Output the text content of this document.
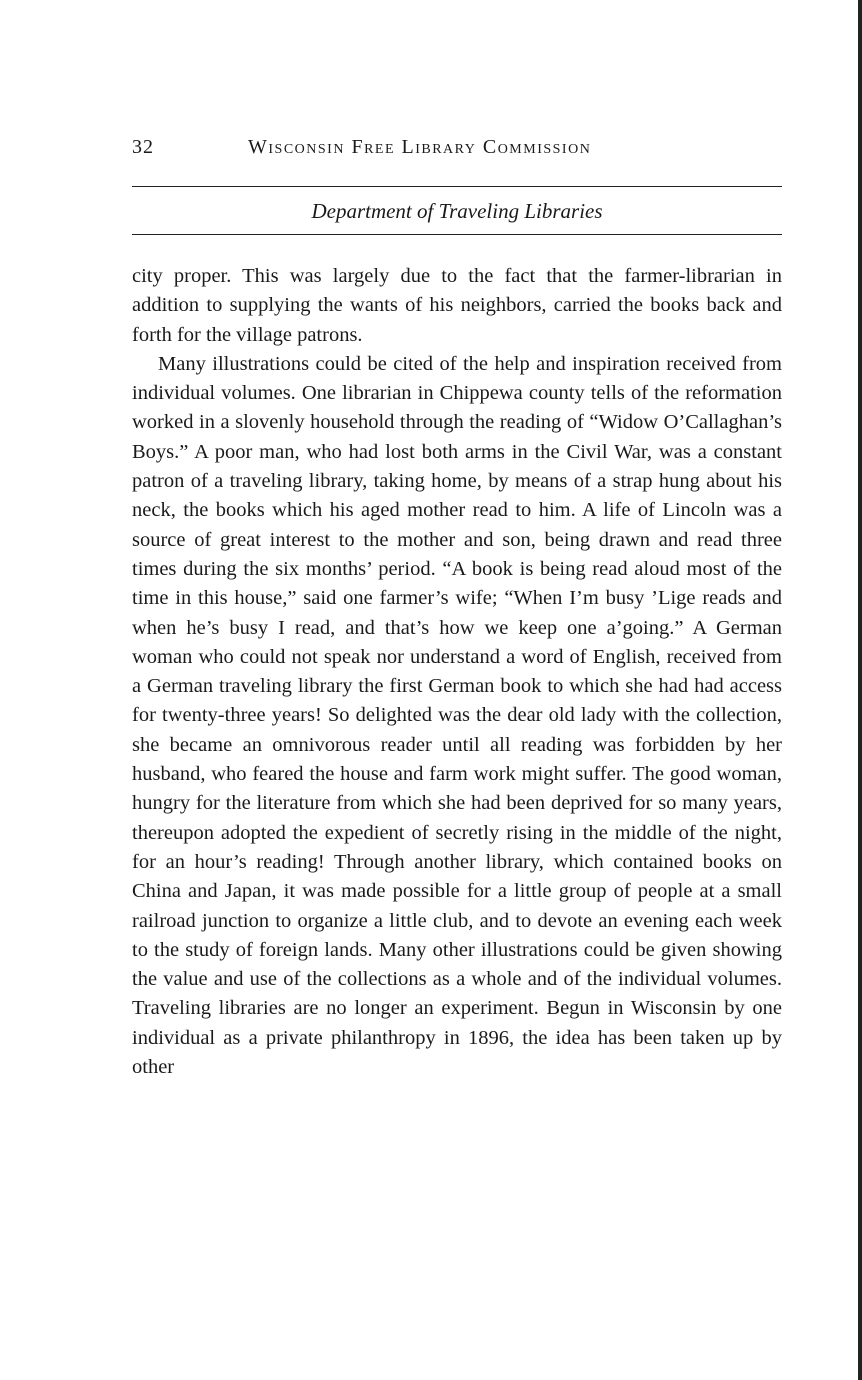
32	Wisconsin Free Library Commission
Department of Traveling Libraries

city proper. This was largely due to the fact that the farmer-librarian in addition to supplying the wants of his neighbors, carried the books back and forth for the village patrons.

Many illustrations could be cited of the help and inspiration received from individual volumes. One librarian in Chippewa county tells of the reformation worked in a slovenly household through the reading of “Widow O’Callaghan’s Boys.” A poor man, who had lost both arms in the Civil War, was a constant patron of a traveling library, taking home, by means of a strap hung about his neck, the books which his aged mother read to him. A life of Lincoln was a source of great interest to the mother and son, being drawn and read three times during the six months’ period. “A book is being read aloud most of the time in this house,” said one farmer’s wife; “When I’m busy ’Lige reads and when he’s busy I read, and that’s how we keep one a’going.” A German woman who could not speak nor understand a word of English, received from a German traveling library the first German book to which she had had access for twenty-three years! So delighted was the dear old lady with the collection, she became an omnivorous reader until all reading was forbidden by her husband, who feared the house and farm work might suffer. The good woman, hungry for the literature from which she had been deprived for so many years, thereupon adopted the expedient of secretly rising in the middle of the night, for an hour’s reading! Through another library, which contained books on China and Japan, it was made possible for a little group of people at a small railroad junction to organize a little club, and to devote an evening each week to the study of foreign lands. Many other illustrations could be given showing the value and use of the collections as a whole and of the individual volumes. Traveling libraries are no longer an experiment. Begun in Wisconsin by one individual as a private philanthropy in 1896, the idea has been taken up by other
